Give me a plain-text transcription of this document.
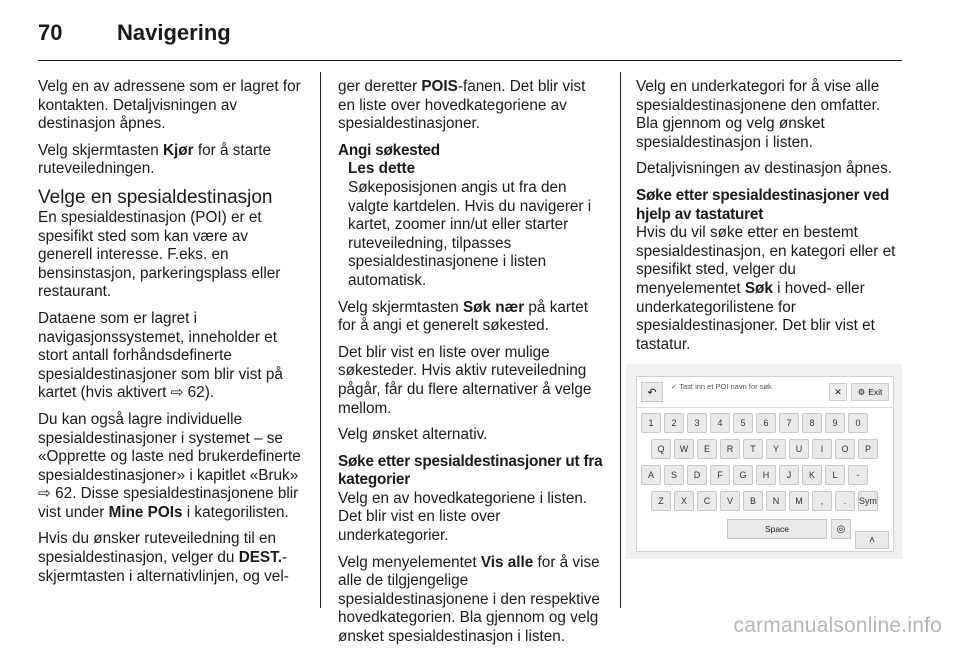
70 Navigering

Velg en av adressene som er lagret for kontakten. Detaljvisningen av destinasjon åpnes.

Velg skjermtasten Kjør for å starte ruteveiledningen.

Velge en spesialdestinasjon

En spesialdestinasjon (POI) er et spesifikt sted som kan være av generell interesse. F.eks. en bensinstasjon, parkeringsplass eller restaurant.

Dataene som er lagret i navigasjonssystemet, inneholder et stort antall forhåndsdefinerte spesialdestinasjoner som blir vist på kartet (hvis aktivert ⇨ 62).

Du kan også lagre individuelle spesialdestinasjoner i systemet – se «Opprette og laste ned brukerdefinerte spesialdestinasjoner» i kapitlet «Bruk» ⇨ 62. Disse spesialdestinasjonene blir vist under Mine POIs i kategorilisten.

Hvis du ønsker ruteveiledning til en spesialdestinasjon, velger du DEST.-skjermtasten i alternativlinjen, og vel-

ger deretter POIS-fanen. Det blir vist en liste over hovedkategoriene av spesialdestinasjoner.

Angi søkested
Les dette
Søkeposisjonen angis ut fra den valgte kartdelen. Hvis du navigerer i kartet, zoomer inn/ut eller starter ruteveiledning, tilpasses spesialdestinasjonene i listen automatisk.

Velg skjermtasten Søk nær på kartet for å angi et generelt søkested.

Det blir vist en liste over mulige søkesteder. Hvis aktiv ruteveiledning pågår, får du flere alternativer å velge mellom.

Velg ønsket alternativ.

Søke etter spesialdestinasjoner ut fra kategorier

Velg en av hovedkategoriene i listen. Det blir vist en liste over underkategorier.

Velg menyelementet Vis alle for å vise alle de tilgjengelige spesialdestinasjonene i den respektive hovedkategorien. Bla gjennom og velg ønsket spesialdestinasjon i listen.

Velg en underkategori for å vise alle spesialdestinasjonene den omfatter. Bla gjennom og velg ønsket spesialdestinasjon i listen.

Detaljvisningen av destinasjon åpnes.

Søke etter spesialdestinasjoner ved hjelp av tastaturet

Hvis du vil søke etter en bestemt spesialdestinasjon, en kategori eller et spesifikt sted, velger du menyelementet Søk i hoved- eller underkategorilistene for spesialdestinasjoner. Det blir vist et tastatur.

↶ ✓ Tast inn et POI navn for søk	✕ ⚙ Exit
1	2	3	4	5	6	7	8	9	0
Q	W	E	R	T	Y	U	I	O	P
A	S	D	F	G	H	J	K	L	-
Z	X	C	V	B	N	M	,	.	Sym
Space	◎
˄
carmanualsonline.info
